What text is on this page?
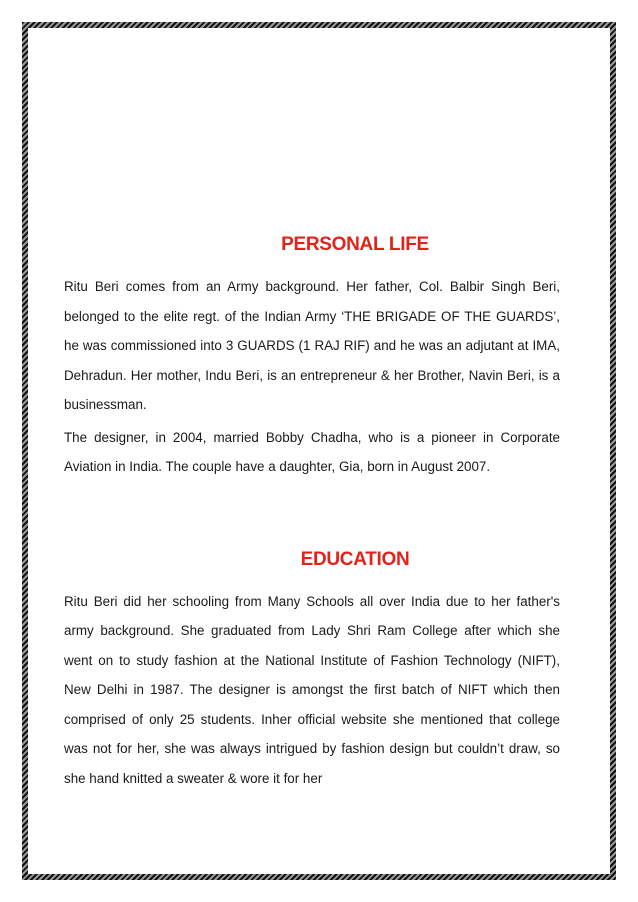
PERSONAL LIFE

Ritu Beri comes from an Army background. Her father, Col. Balbir Singh Beri, belonged to the elite regt. of the Indian Army ‘THE BRIGADE OF THE GUARDS’, he was commissioned into 3 GUARDS (1 RAJ RIF) and he was an adjutant at IMA, Dehradun. Her mother, Indu Beri, is an entrepreneur & her Brother, Navin Beri, is a businessman.

The designer, in 2004, married Bobby Chadha, who is a pioneer in Corporate Aviation in India. The couple have a daughter, Gia, born in August 2007.

EDUCATION

Ritu Beri did her schooling from Many Schools all over India due to her father's army background. She graduated from Lady Shri Ram College after which she went on to study fashion at the National Institute of Fashion Technology (NIFT), New Delhi in 1987. The designer is amongst the first batch of NIFT which then comprised of only 25 students. Inher official website she mentioned that college was not for her, she was always intrigued by fashion design but couldn’t draw, so she hand knitted a sweater & wore it for her
